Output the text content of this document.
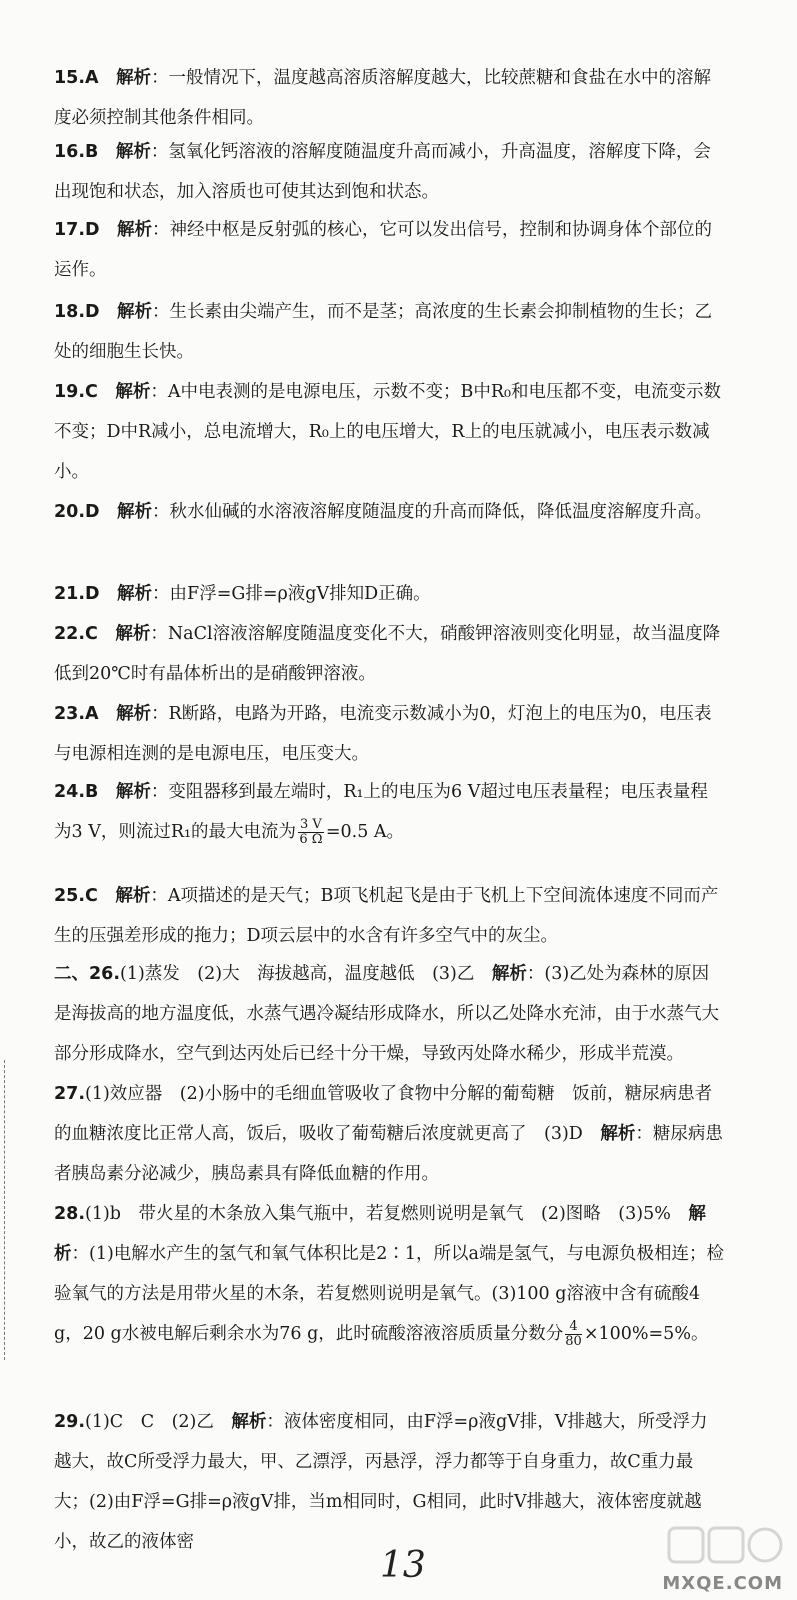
15.A　 解析：一般情况下，温度越高溶质溶解度越大，比较蔗糖和食盐在水中的溶解度必须控制其他条件相同。

16.B　 解析：氢氧化钙溶液的溶解度随温度升高而减小，升高温度，溶解度下降，会出现饱和状态，加入溶质也可使其达到饱和状态。

17.D　 解析：神经中枢是反射弧的核心，它可以发出信号，控制和协调身体个部位的运作。

18.D　 解析：生长素由尖端产生，而不是茎；高浓度的生长素会抑制植物的生长；乙处的细胞生长快。

19.C　 解析：A中电表测的是电源电压，示数不变；B中R₀和电压都不变，电流变示数不变；D中R减小，总电流增大，R₀上的电压增大，R上的电压就减小，电压表示数减小。

20.D　 解析：秋水仙碱的水溶液溶解度随温度的升高而降低，降低温度溶解度升高。

21.D　 解析：由F浮=G排=ρ液gV排知D正确。

22.C　 解析：NaCl溶液溶解度随温度变化不大，硝酸钾溶液则变化明显，故当温度降低到20℃时有晶体析出的是硝酸钾溶液。

23.A　 解析：R断路，电路为开路，电流变示数减小为0，灯泡上的电压为0，电压表与电源相连测的是电源电压，电压变大。

24.B　 解析：变阻器移到最左端时，R₁上的电压为6 V超过电压表量程；电压表量程为3 V，则流过R₁的最大电流为 $\frac{3 V}{6 \Omega} =0.5$ A。

25.C　 解析：A项描述的是天气；B项飞机起飞是由于飞机上下空间流体速度不同而产生的压强差形成的拖力；D项云层中的水含有许多空气中的灰尘。

二、26.(1)蒸发　(2)大　海拔越高，温度越低　(3)乙　 解析：(3)乙处为森林的原因是海拔高的地方温度低，水蒸气遇冷凝结形成降水，所以乙处降水充沛，由于水蒸气大部分形成降水，空气到达丙处后已经十分干燥，导致丙处降水稀少，形成半荒漠。

27.(1)效应器　(2)小肠中的毛细血管吸收了食物中分解的葡萄糖　饭前，糖尿病患者的血糖浓度比正常人高，饭后，吸收了葡萄糖后浓度就更高了　(3)D　 解析：糖尿病患者胰岛素分泌减少，胰岛素具有降低血糖的作用。

28.(1)b　带火星的木条放入集气瓶中，若复燃则说明是氧气　(2)图略　(3)5%　 解析：(1)电解水产生的氢气和氧气体积比是2∶1，所以a端是氢气，与电源负极相连；检验氧气的方法是用带火星的木条，若复燃则说明是氧气。(3)100 g溶液中含有硫酸4 g，20 g水被电解后剩余水为76 g，此时硫酸溶液溶质质量分数分 $\frac{4}{80} \times 100\%=5\%$。

29.(1)C　C　(2)乙　 解析：液体密度相同，由F浮=ρ液gV排，V排越大，所受浮力越大，故C所受浮力最大，甲、乙漂浮，丙悬浮，浮力都等于自身重力，故C重力最大；(2)由F浮=G排=ρ液gV排，当m相同时，G相同，此时V排越大，液体密度就越小，故乙的液体密

13	MXQE.COM
